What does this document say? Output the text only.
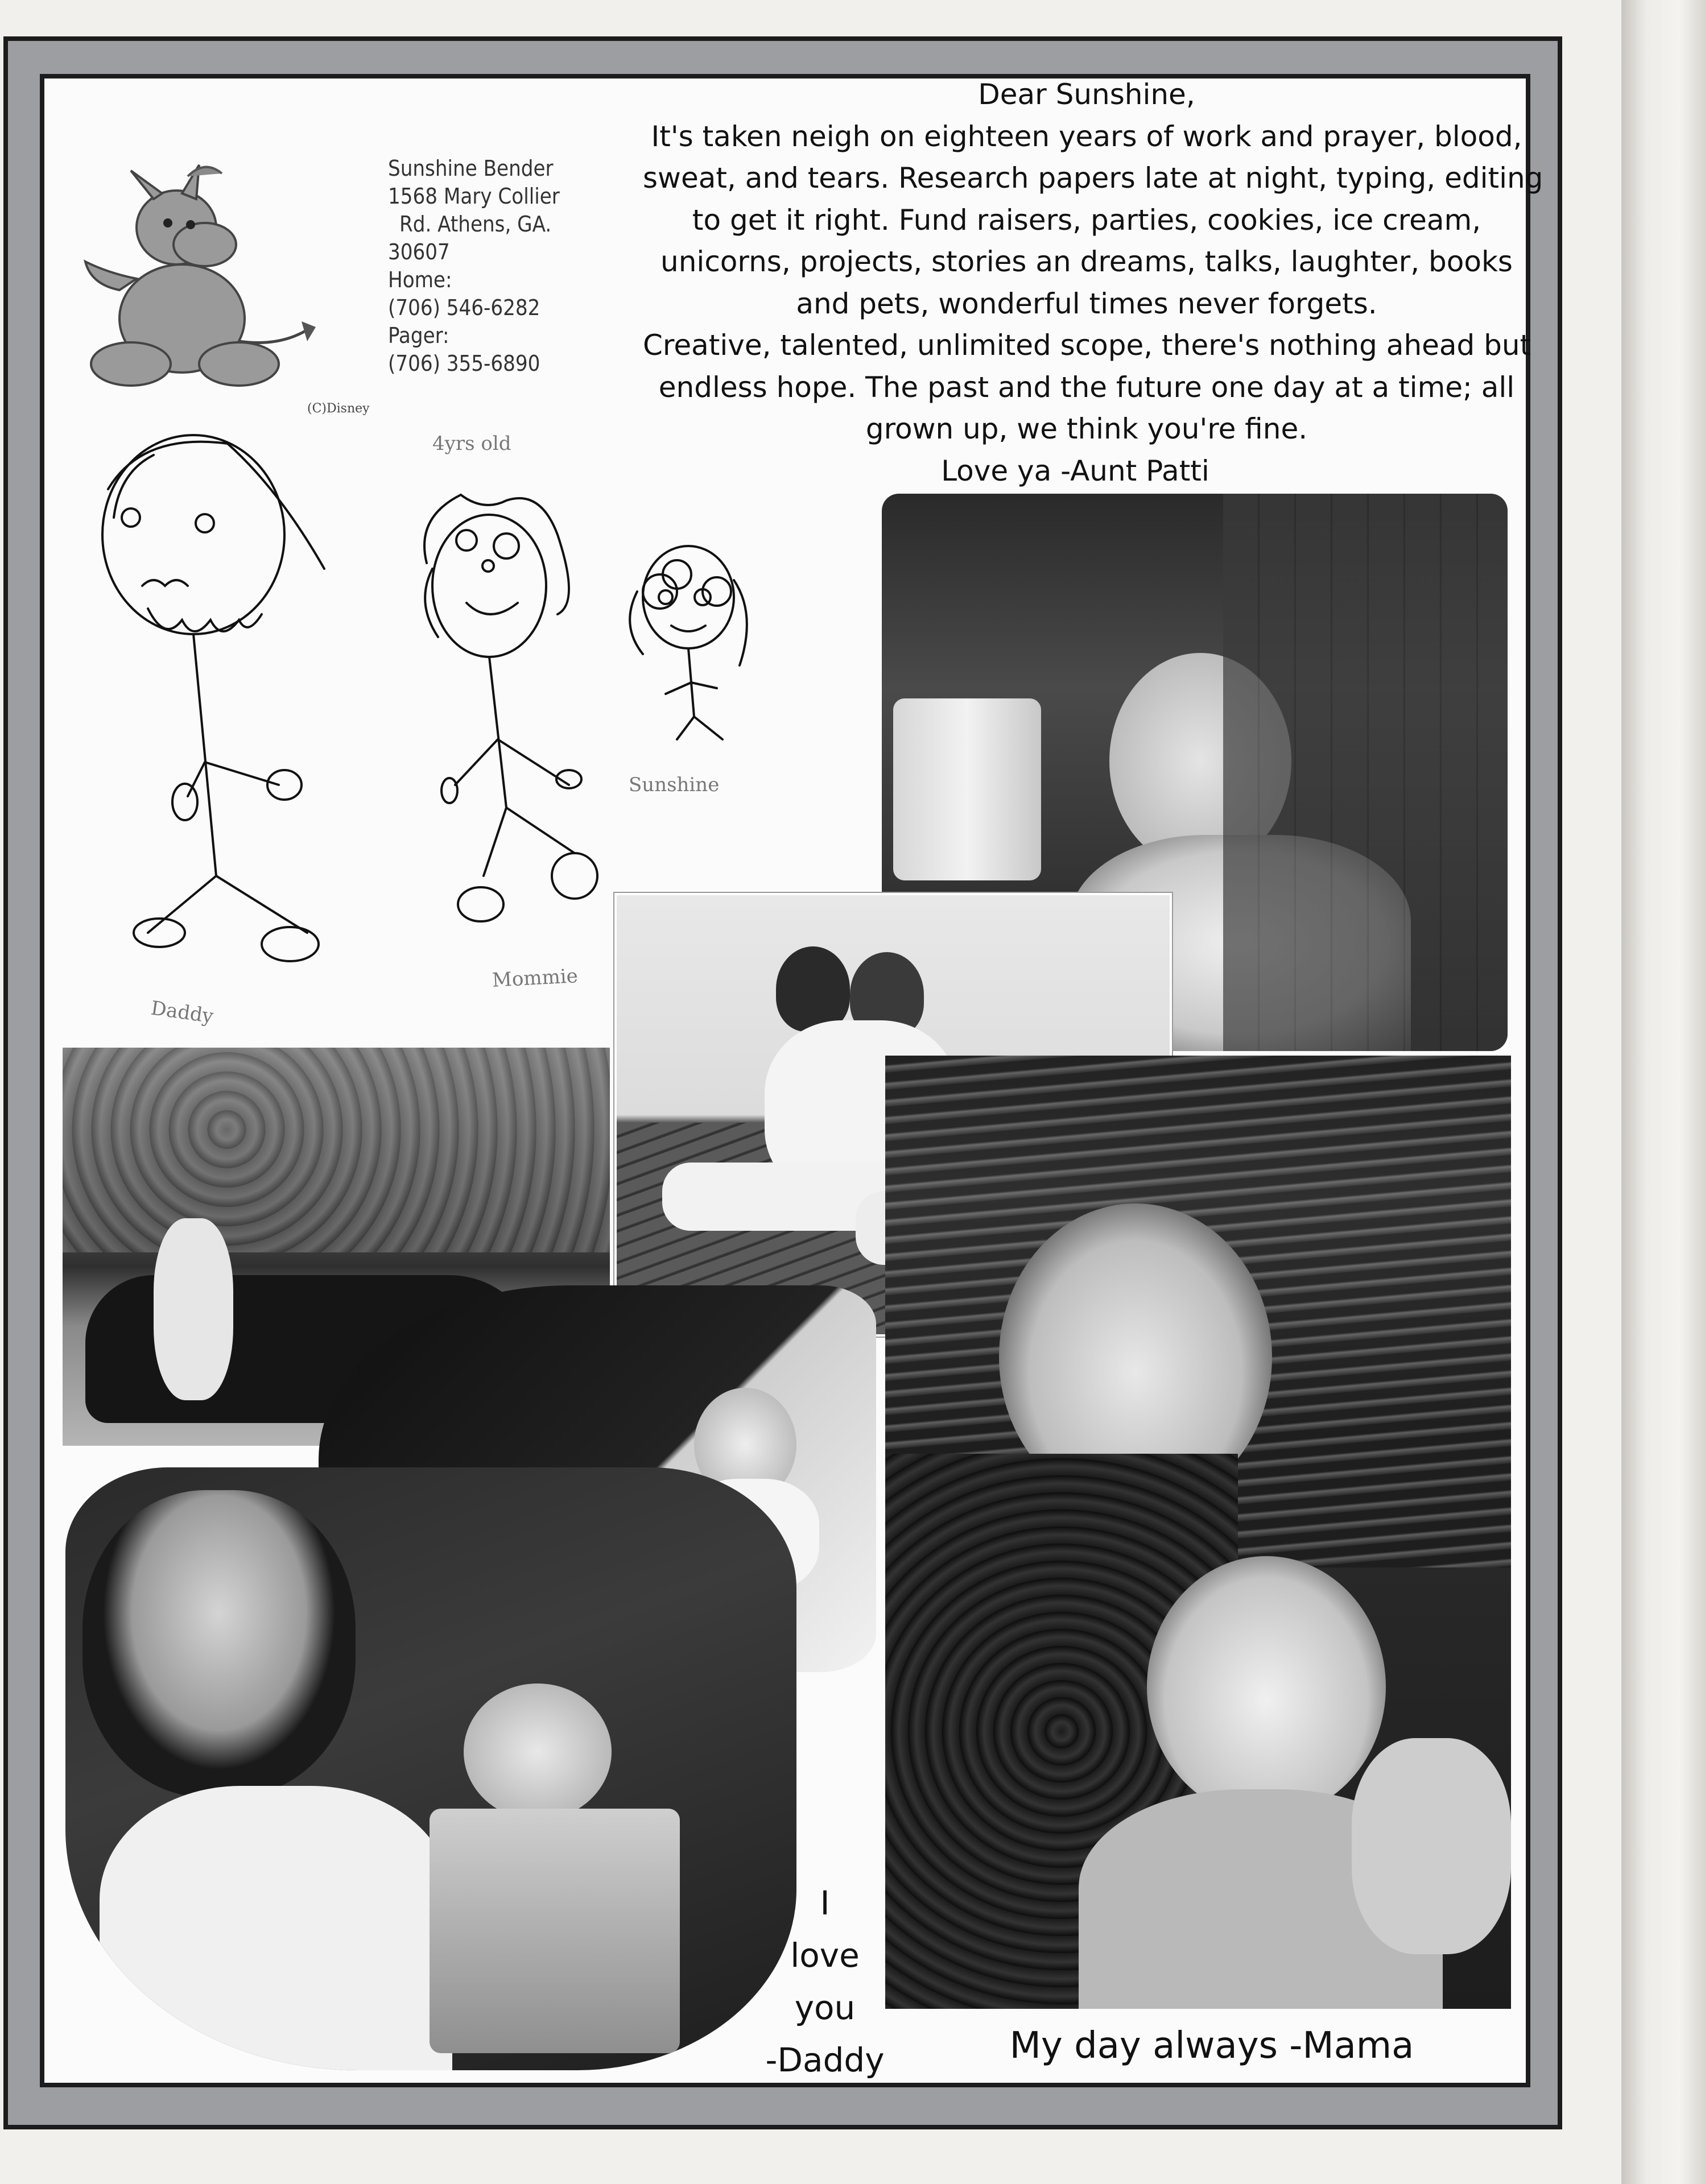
Dear Sunshine,
It's taken neigh on eighteen years of work and prayer, blood,
sweat, and tears. Research papers late at night, typing, editing
to get it right. Fund raisers, parties, cookies, ice cream,
unicorns, projects, stories an dreams, talks, laughter, books
and pets, wonderful times never forgets.
Creative, talented, unlimited scope, there's nothing ahead but
endless hope. The past and the future one day at a time; all
grown up, we think you're fine.
Love ya -Aunt Patti
Sunshine Bender
1568 Mary Collier
Rd. Athens, GA.
30607
Home:
(706) 546-6282
Pager:
(706) 355-6890
(C)Disney
Daddy
Mommie
Sunshine
4yrs old
I
love
you
-Daddy	My day always -Mama
